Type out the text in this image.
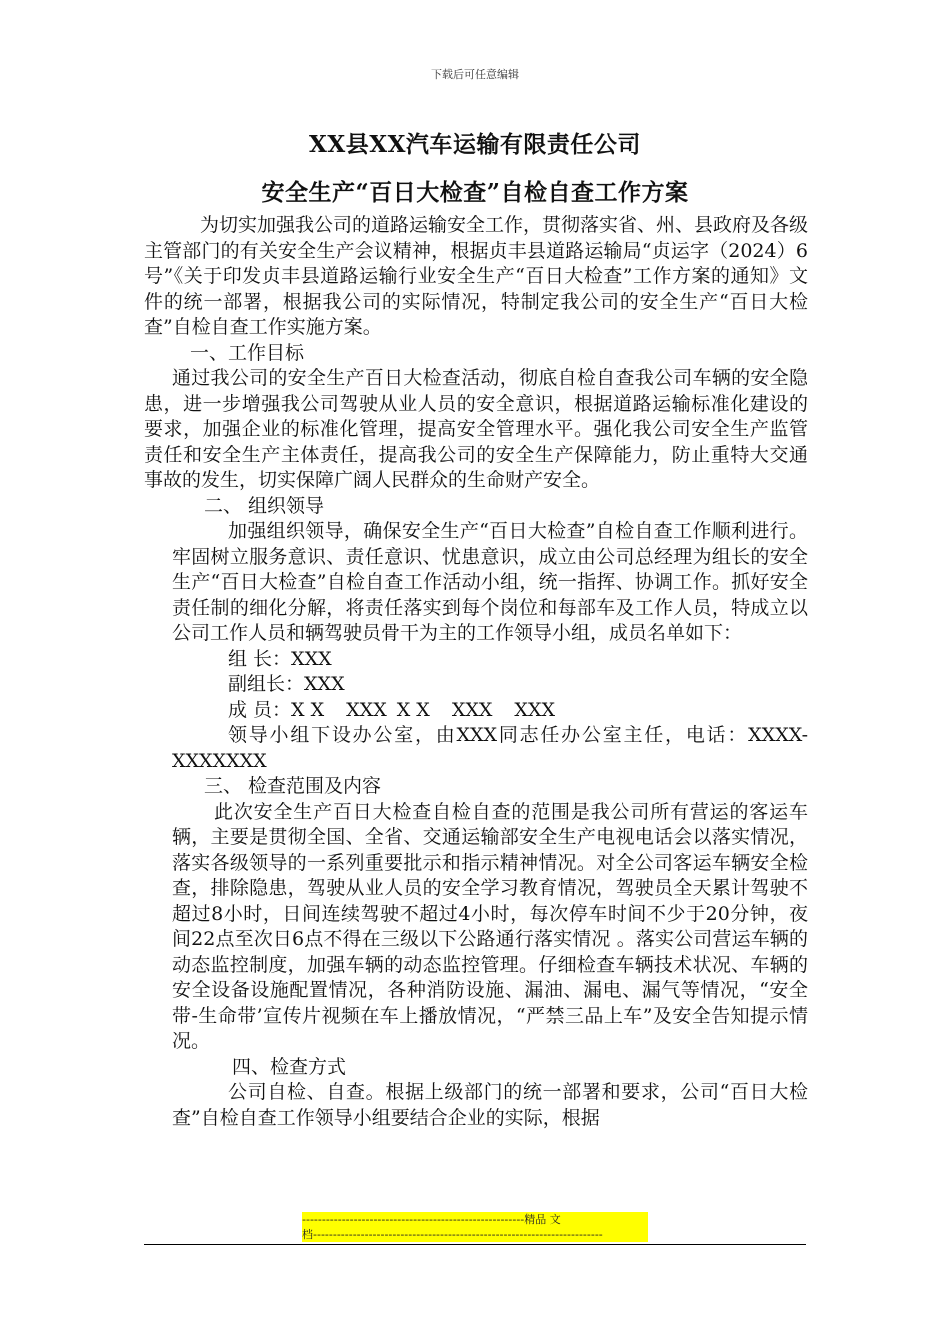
下载后可任意编辑
XX县XX汽车运输有限责任公司
安全生产“百日大检查”自检自查工作方案

为切实加强我公司的道路运输安全工作，贯彻落实省、州、县政府及各级主管部门的有关安全生产会议精神，根据贞丰县道路运输局“贞运字（2024）6号”《关于印发贞丰县道路运输行业安全生产“百日大检查”工作方案的通知》文件的统一部署，根据我公司的实际情况，特制定我公司的安全生产“百日大检查”自检自查工作实施方案。

一、工作目标

通过我公司的安全生产百日大检查活动，彻底自检自查我公司车辆的安全隐患，进一步增强我公司驾驶从业人员的安全意识，根据道路运输标准化建设的要求，加强企业的标准化管理，提高安全管理水平。强化我公司安全生产监管责任和安全生产主体责任，提高我公司的安全生产保障能力，防止重特大交通事故的发生，切实保障广阔人民群众的生命财产安全。

二、 组织领导

加强组织领导，确保安全生产“百日大检查”自检自查工作顺利进行。牢固树立服务意识、责任意识、忧患意识，成立由公司总经理为组长的安全生产“百日大检查”自检自查工作活动小组，统一指挥、协调工作。抓好安全责任制的细化分解，将责任落实到每个岗位和每部车及工作人员，特成立以公司工作人员和辆驾驶员骨干为主的工作领导小组，成员名单如下：

组 长：XXX

副组长：XXX

成 员：X X XXX X X XXX XXX

领导小组下设办公室，由XXX同志任办公室主任，电话：XXXX-XXXXXXX

三、 检查范围及内容

此次安全生产百日大检查自检自查的范围是我公司所有营运的客运车辆，主要是贯彻全国、全省、交通运输部安全生产电视电话会以落实情况，落实各级领导的一系列重要批示和指示精神情况。对全公司客运车辆安全检查，排除隐患，驾驶从业人员的安全学习教育情况，驾驶员全天累计驾驶不超过8小时，日间连续驾驶不超过4小时，每次停车时间不少于20分钟，夜间22点至次日6点不得在三级以下公路通行落实情况 。落实公司营运车辆的动态监控制度，加强车辆的动态监控管理。仔细检查车辆技术状况、车辆的安全设备设施配置情况，各种消防设施、漏油、漏电、漏气等情况，“安全带-生命带’宣传片视频在车上播放情况，“严禁三品上车”及安全告知提示情况。

四、检查方式

公司自检、自查。根据上级部门的统一部署和要求，公司“百日大检查”自检自查工作领导小组要结合企业的实际，根据

--------------------------------------------------------精品 文
档-------------------------------------------------------------------------
